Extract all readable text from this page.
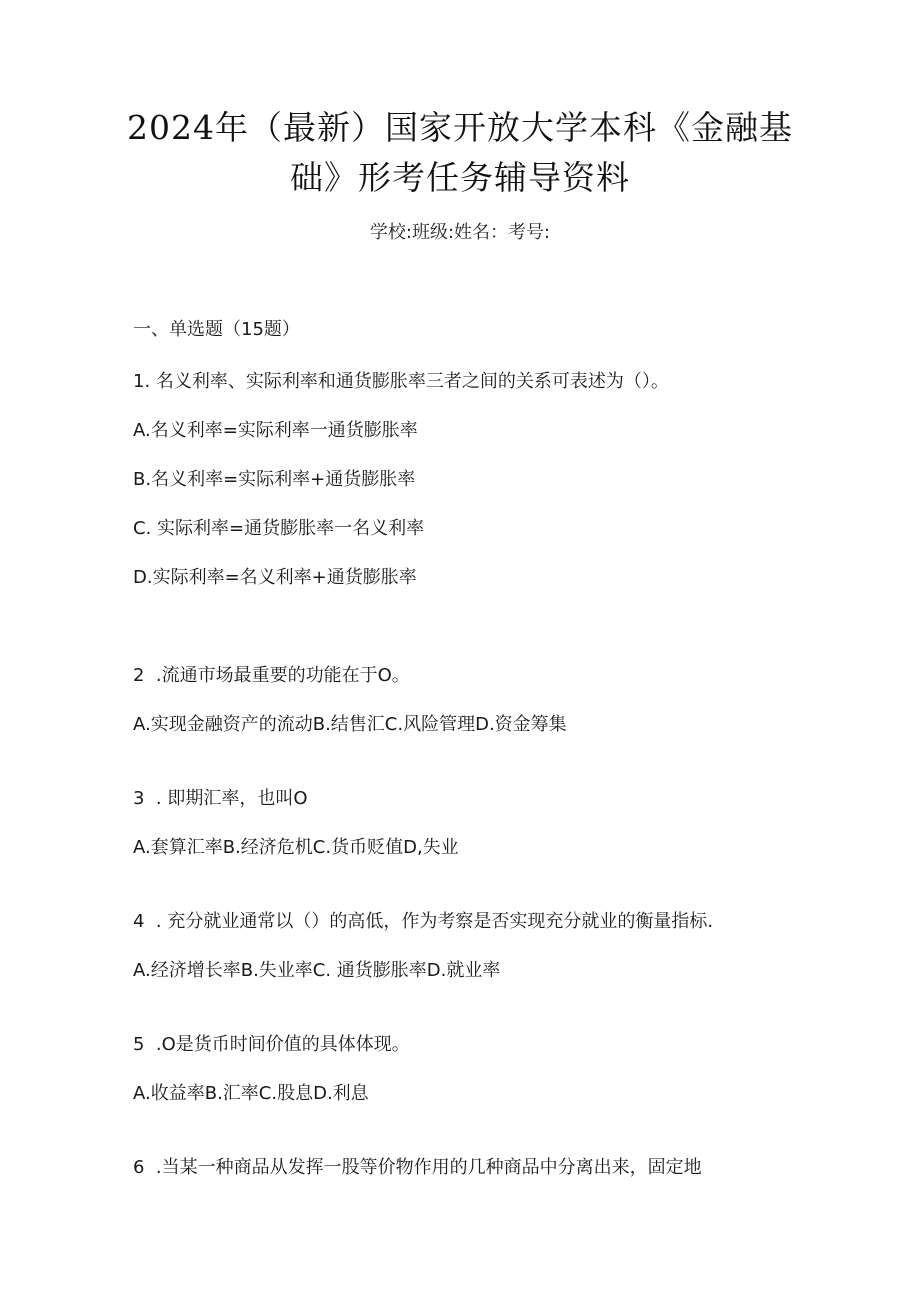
2024年（最新）国家开放大学本科《金融基
础》形考任务辅导资料
学校:班级:姓名：考号:
一、单选题（15题）
1. 名义利率、实际利率和通货膨胀率三者之间的关系可表述为（）。
A.名义利率=实际利率一通货膨胀率
B.名义利率=实际利率+通货膨胀率
C. 实际利率=通货膨胀率一名义利率
D.实际利率=名义利率+通货膨胀率
2  .流通市场最重要的功能在于O。
A.实现金融资产的流动B.结售汇C.风险管理D.资金筹集
3  . 即期汇率，也叫O
A.套算汇率B.经济危机C.货币贬值D,失业
4  . 充分就业通常以（）的高低，作为考察是否实现充分就业的衡量指标.
A.经济增长率B.失业率C. 通货膨胀率D.就业率
5  .O是货币时间价值的具体体现。
A.收益率B.汇率C.股息D.利息
6  .当某一种商品从发挥一股等价物作用的几种商品中分离出来，固定地
